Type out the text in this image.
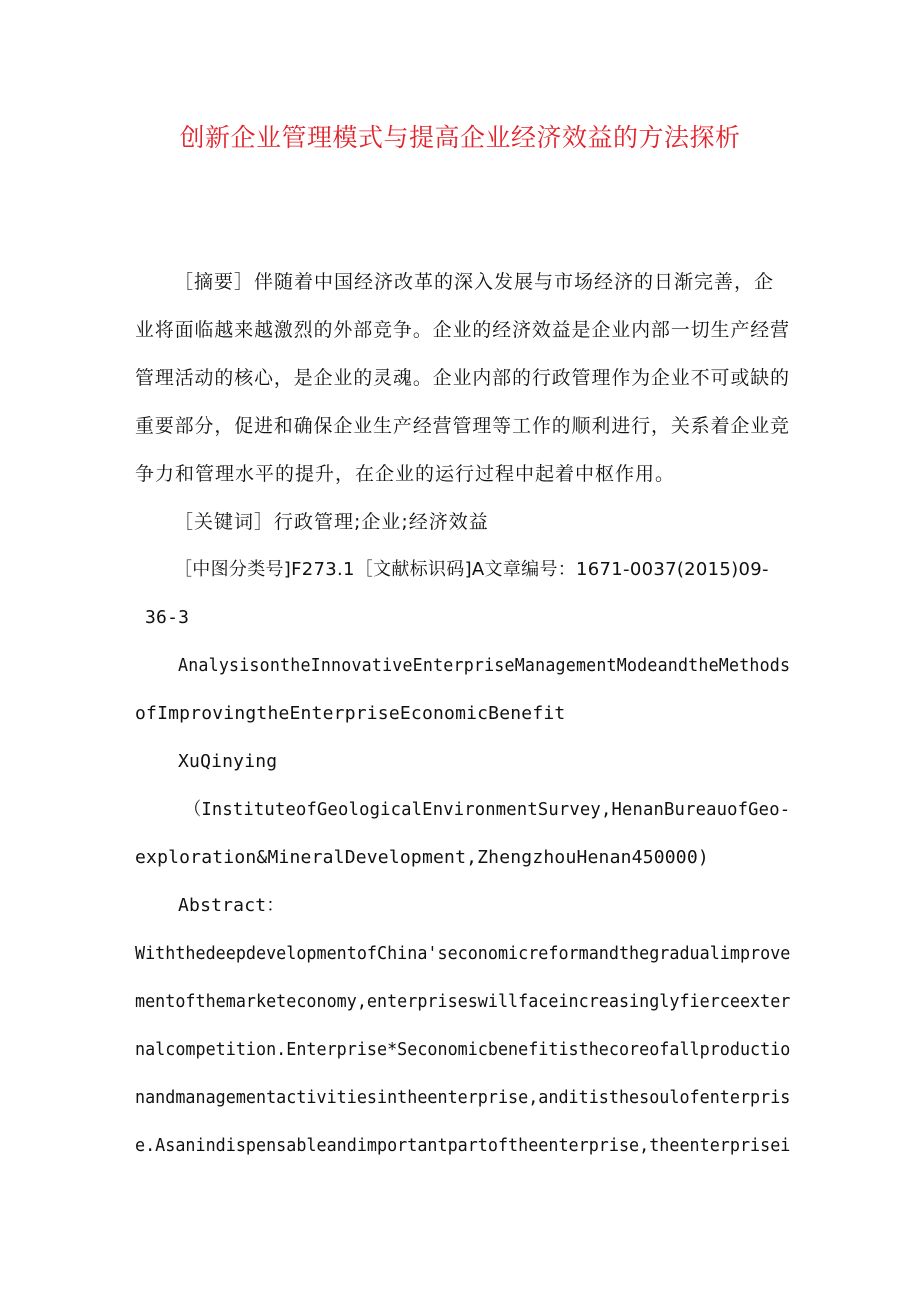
创新企业管理模式与提高企业经济效益的方法探析
［摘要］伴随着中国经济改革的深入发展与市场经济的日渐完善，企
业将面临越来越激烈的外部竞争。企业的经济效益是企业内部一切生产经营
管理活动的核心，是企业的灵魂。企业内部的行政管理作为企业不可或缺的
重要部分，促进和确保企业生产经营管理等工作的顺利进行，关系着企业竞
争力和管理水平的提升，在企业的运行过程中起着中枢作用。
［关键词］行政管理;企业;经济效益
［中图分类号]F273.1［文献标识码]A文章编号：1671-0037(2015)09-
36-3
AnalysisontheInnovativeEnterpriseManagementModeandtheMethods
ofImprovingtheEnterpriseEconomicBenefit
XuQinying
（InstituteofGeologicalEnvironmentSurvey,HenanBureauofGeo-
exploration&MineralDevelopment,ZhengzhouHenan450000)
Abstract：
WiththedeepdevelopmentofChina'seconomicreformandthegradualimprove
mentofthemarketeconomy,enterpriseswillfaceincreasinglyfierceexter
nalcompetition.Enterprise*Seconomicbenefitisthecoreofallproductio
nandmanagementactivitiesintheenterprise,anditisthesoulofenterpris
e.Asanindispensableandimportantpartoftheenterprise,theenterprisei
